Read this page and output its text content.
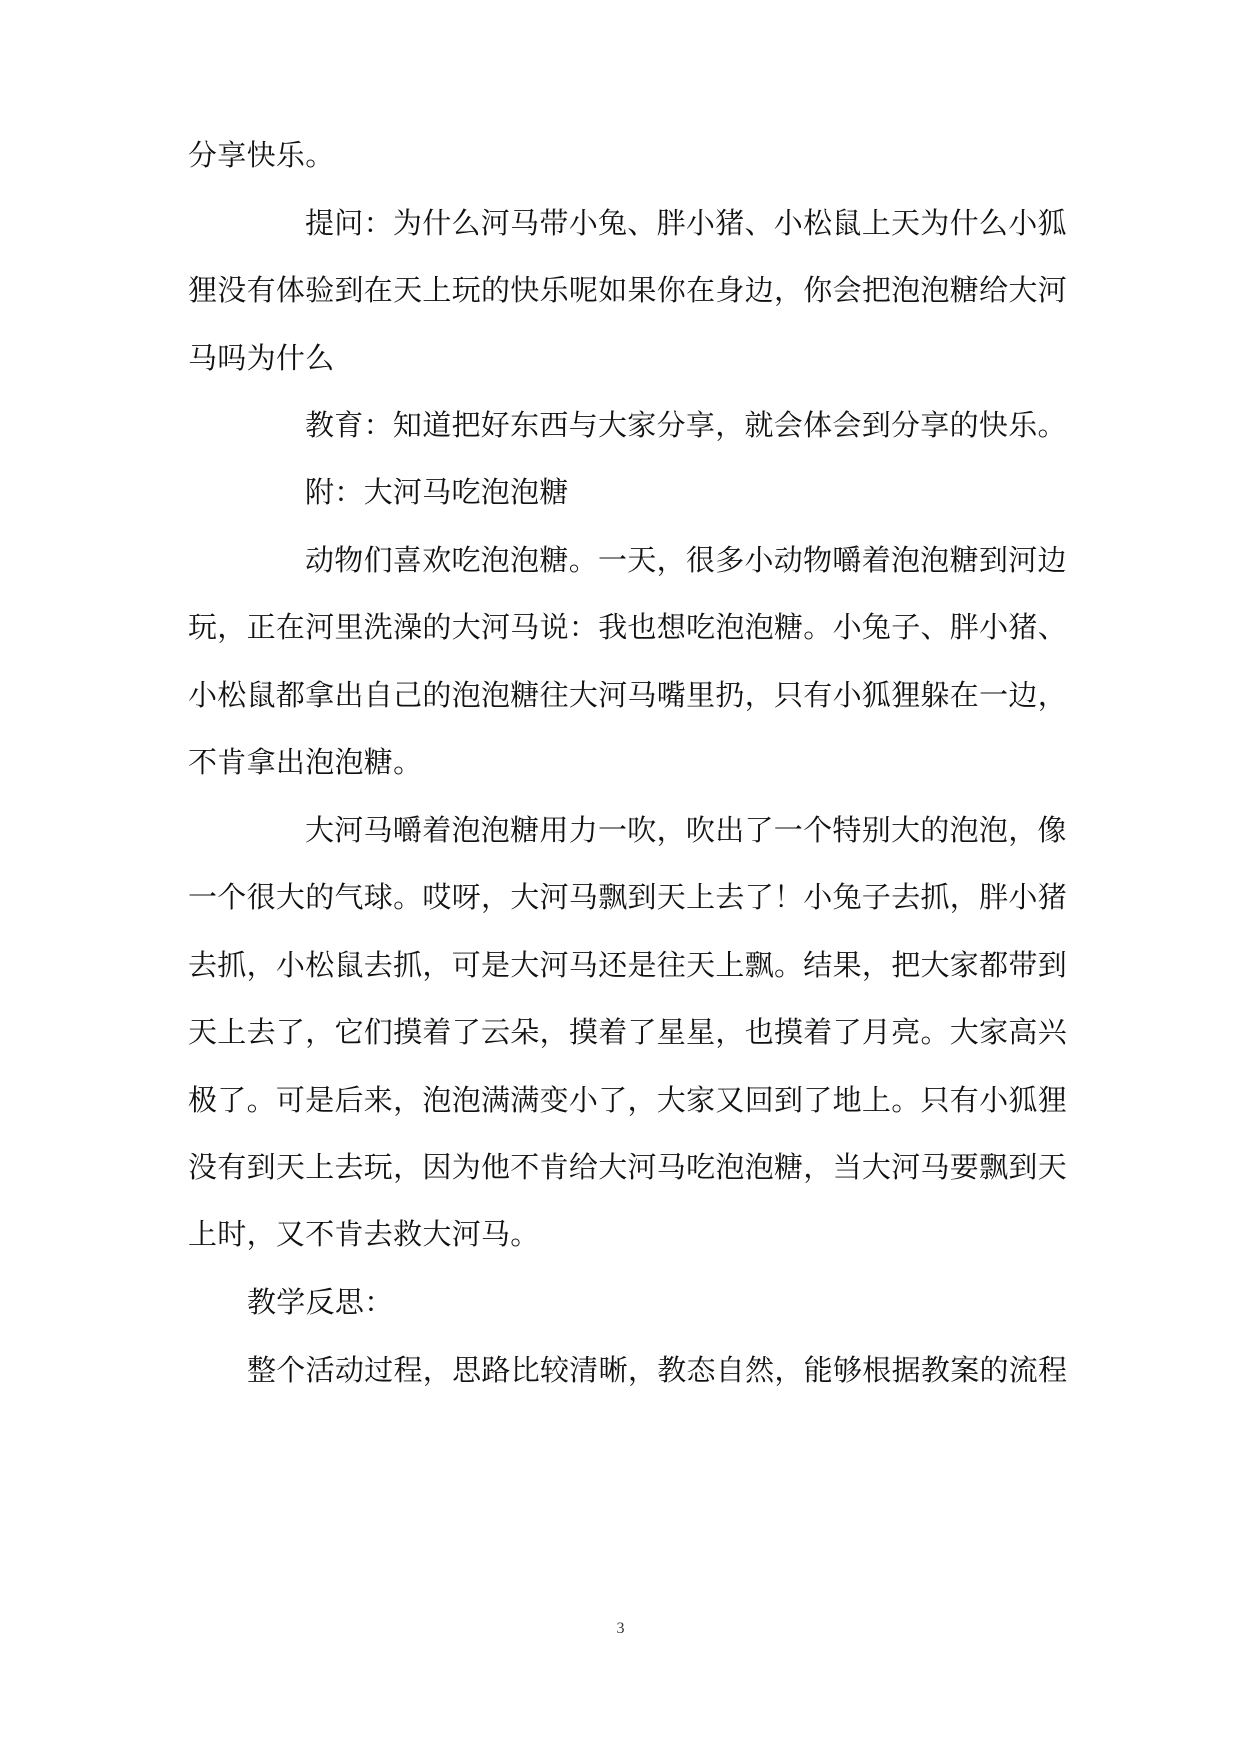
分享快乐。
提问：为什么河马带小兔、胖小猪、小松鼠上天为什么小狐
狸没有体验到在天上玩的快乐呢如果你在身边，你会把泡泡糖给大河
马吗为什么
教育：知道把好东西与大家分享，就会体会到分享的快乐。
附：大河马吃泡泡糖
动物们喜欢吃泡泡糖。一天，很多小动物嚼着泡泡糖到河边
玩，正在河里洗澡的大河马说：我也想吃泡泡糖。小兔子、胖小猪、
小松鼠都拿出自己的泡泡糖往大河马嘴里扔，只有小狐狸躲在一边，
不肯拿出泡泡糖。
大河马嚼着泡泡糖用力一吹，吹出了一个特别大的泡泡，像
一个很大的气球。哎呀，大河马飘到天上去了！小兔子去抓，胖小猪
去抓，小松鼠去抓，可是大河马还是往天上飘。结果，把大家都带到
天上去了，它们摸着了云朵，摸着了星星，也摸着了月亮。大家高兴
极了。可是后来，泡泡满满变小了，大家又回到了地上。只有小狐狸
没有到天上去玩，因为他不肯给大河马吃泡泡糖，当大河马要飘到天
上时，又不肯去救大河马。
教学反思：
整个活动过程，思路比较清晰，教态自然，能够根据教案的流程
3
